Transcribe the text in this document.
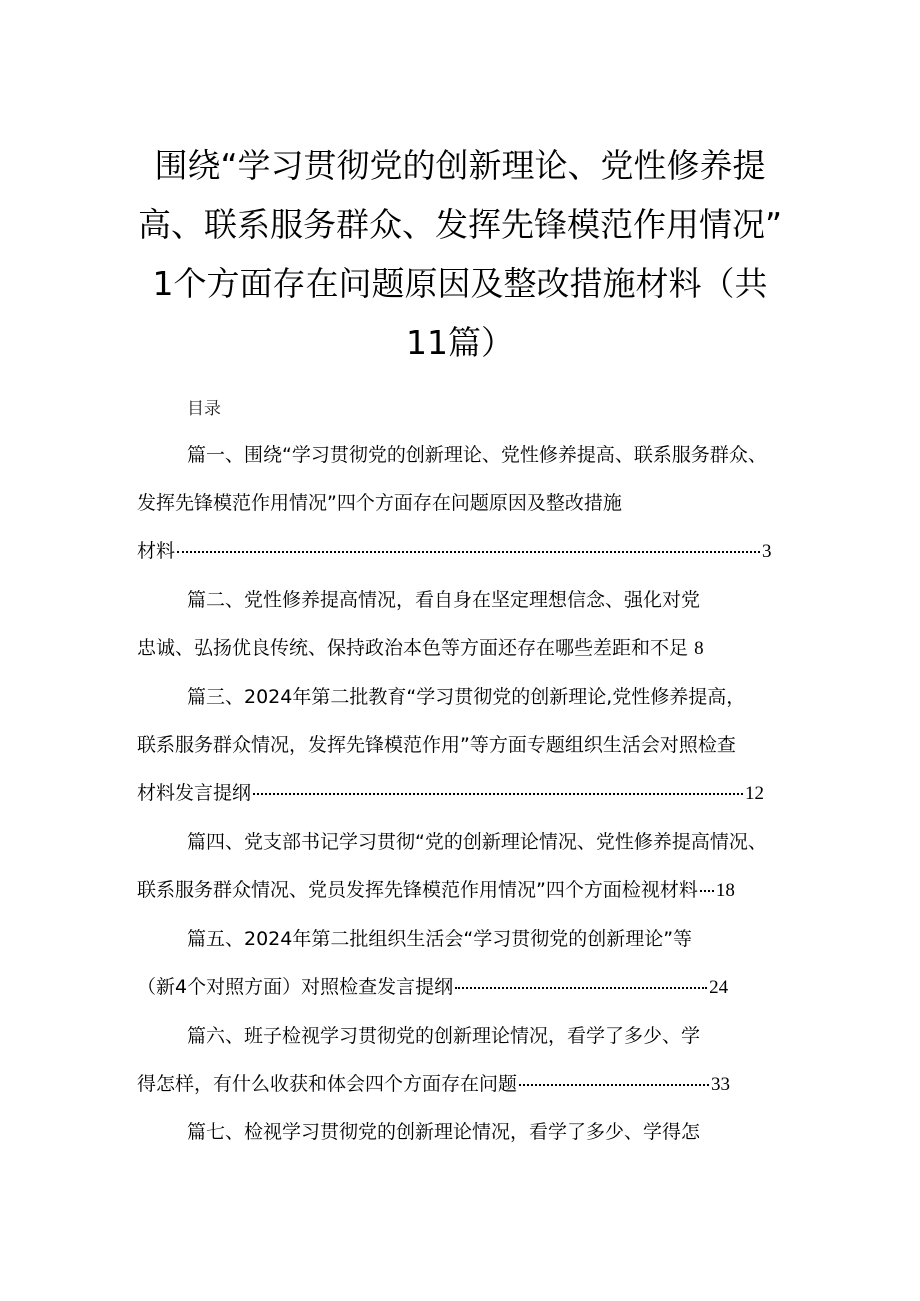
围绕“学习贯彻党的创新理论、党性修养提
高、联系服务群众、发挥先锋模范作用情况”
1个方面存在问题原因及整改措施材料（共
11篇）
目录
篇一、围绕“学习贯彻党的创新理论、党性修养提高、联系服务群众、
发挥先锋模范作用情况”四个方面存在问题原因及整改措施
材料	3
篇二、党性修养提高情况，看自身在坚定理想信念、强化对党
忠诚、弘扬优良传统、保持政治本色等方面还存在哪些差距和不足 8
篇三、2024年第二批教育“学习贯彻党的创新理论,党性修养提高，
联系服务群众情况，发挥先锋模范作用”等方面专题组织生活会对照检查
材料发言提纲	12
篇四、党支部书记学习贯彻“党的创新理论情况、党性修养提高情况、
联系服务群众情况、党员发挥先锋模范作用情况”四个方面检视材料 18
篇五、2024年第二批组织生活会“学习贯彻党的创新理论”等
（新4个对照方面）对照检查发言提纲	24
篇六、班子检视学习贯彻党的创新理论情况，看学了多少、学
得怎样，有什么收获和体会四个方面存在问题	33
篇七、检视学习贯彻党的创新理论情况，看学了多少、学得怎
